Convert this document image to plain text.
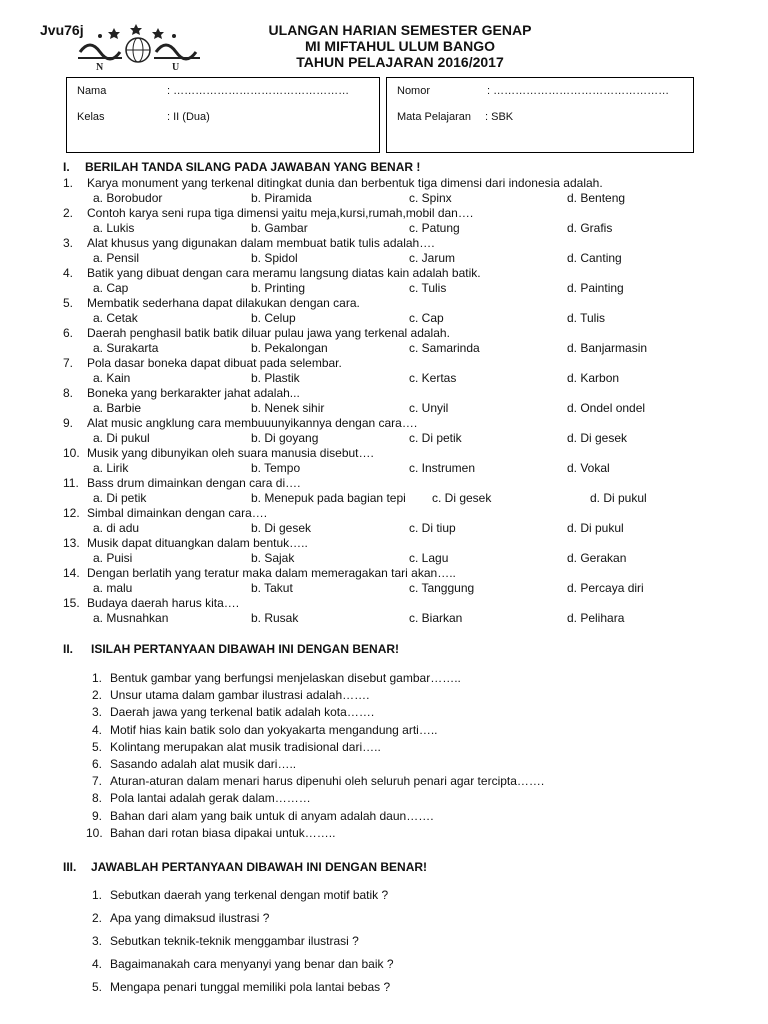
Jvu76j
N	U
ULANGAN HARIAN SEMESTER GENAP
MI MIFTAHUL ULUM BANGO
TAHUN PELAJARAN 2016/2017
Nama	: …………………………………………
Kelas	: II (Dua)
Nomor	: …………………………………………
Mata Pelajaran : SBK
I. BERILAH TANDA SILANG PADA JAWABAN YANG BENAR !
1. Karya monument yang terkenal ditingkat dunia dan berbentuk tiga dimensi dari indonesia adalah.
a. Borobudor	b. Piramida	c. Spinx	d. Benteng
2. Contoh karya seni rupa tiga dimensi yaitu meja,kursi,rumah,mobil dan….
a. Lukis	b. Gambar	c. Patung	d. Grafis
3. Alat khusus yang digunakan dalam membuat batik tulis adalah….
a. Pensil	b. Spidol	c. Jarum	d. Canting
4. Batik yang dibuat dengan cara meramu langsung diatas kain adalah batik.
a. Cap	b. Printing	c. Tulis	d. Painting
5. Membatik sederhana dapat dilakukan dengan cara.
a. Cetak	b. Celup	c. Cap	d. Tulis
6. Daerah penghasil batik batik diluar pulau jawa yang terkenal adalah.
a. Surakarta	b. Pekalongan	c. Samarinda	d. Banjarmasin
7. Pola dasar boneka dapat dibuat pada selembar.
a. Kain	b. Plastik	c. Kertas	d. Karbon
8. Boneka yang berkarakter jahat adalah...
a. Barbie	b. Nenek sihir	c. Unyil	d. Ondel ondel
9. Alat music angklung cara membuuunyikannya dengan cara….
a. Di pukul	b. Di goyang	c. Di petik	d. Di gesek
10. Musik yang dibunyikan oleh suara manusia disebut….
a. Lirik	b. Tempo	c. Instrumen	d. Vokal
11. Bass drum dimainkan dengan cara di….
a. Di petik	b. Menepuk pada bagian tepi c. Di gesek	d. Di pukul
12. Simbal dimainkan dengan cara….
a. di adu	b. Di gesek	c. Di tiup	d. Di pukul
13. Musik dapat dituangkan dalam bentuk…..
a. Puisi	b. Sajak	c. Lagu	d. Gerakan
14. Dengan berlatih yang teratur maka dalam memeragakan tari akan…..
a. malu	b. Takut	c. Tanggung	d. Percaya diri
15. Budaya daerah harus kita….
a. Musnahkan	b. Rusak	c. Biarkan	d. Pelihara
II. ISILAH PERTANYAAN DIBAWAH INI DENGAN BENAR!
1. Bentuk gambar yang berfungsi menjelaskan disebut gambar……..
2. Unsur utama dalam gambar ilustrasi adalah…….
3. Daerah jawa yang terkenal batik adalah kota…….
4. Motif hias kain batik solo dan yokyakarta mengandung arti…..
5. Kolintang merupakan alat musik tradisional dari…..
6. Sasando adalah alat musik dari…..
7. Aturan-aturan dalam menari harus dipenuhi oleh seluruh penari agar tercipta…….
8. Pola lantai adalah gerak dalam………
9. Bahan dari alam yang baik untuk di anyam adalah daun…….
10. Bahan dari rotan biasa dipakai untuk……..
III. JAWABLAH PERTANYAAN DIBAWAH INI DENGAN BENAR!
1. Sebutkan daerah yang terkenal dengan motif batik ?
2. Apa yang dimaksud ilustrasi ?
3. Sebutkan teknik-teknik menggambar ilustrasi ?
4. Bagaimanakah cara menyanyi yang benar dan baik ?
5. Mengapa penari tunggal memiliki pola lantai bebas ?
